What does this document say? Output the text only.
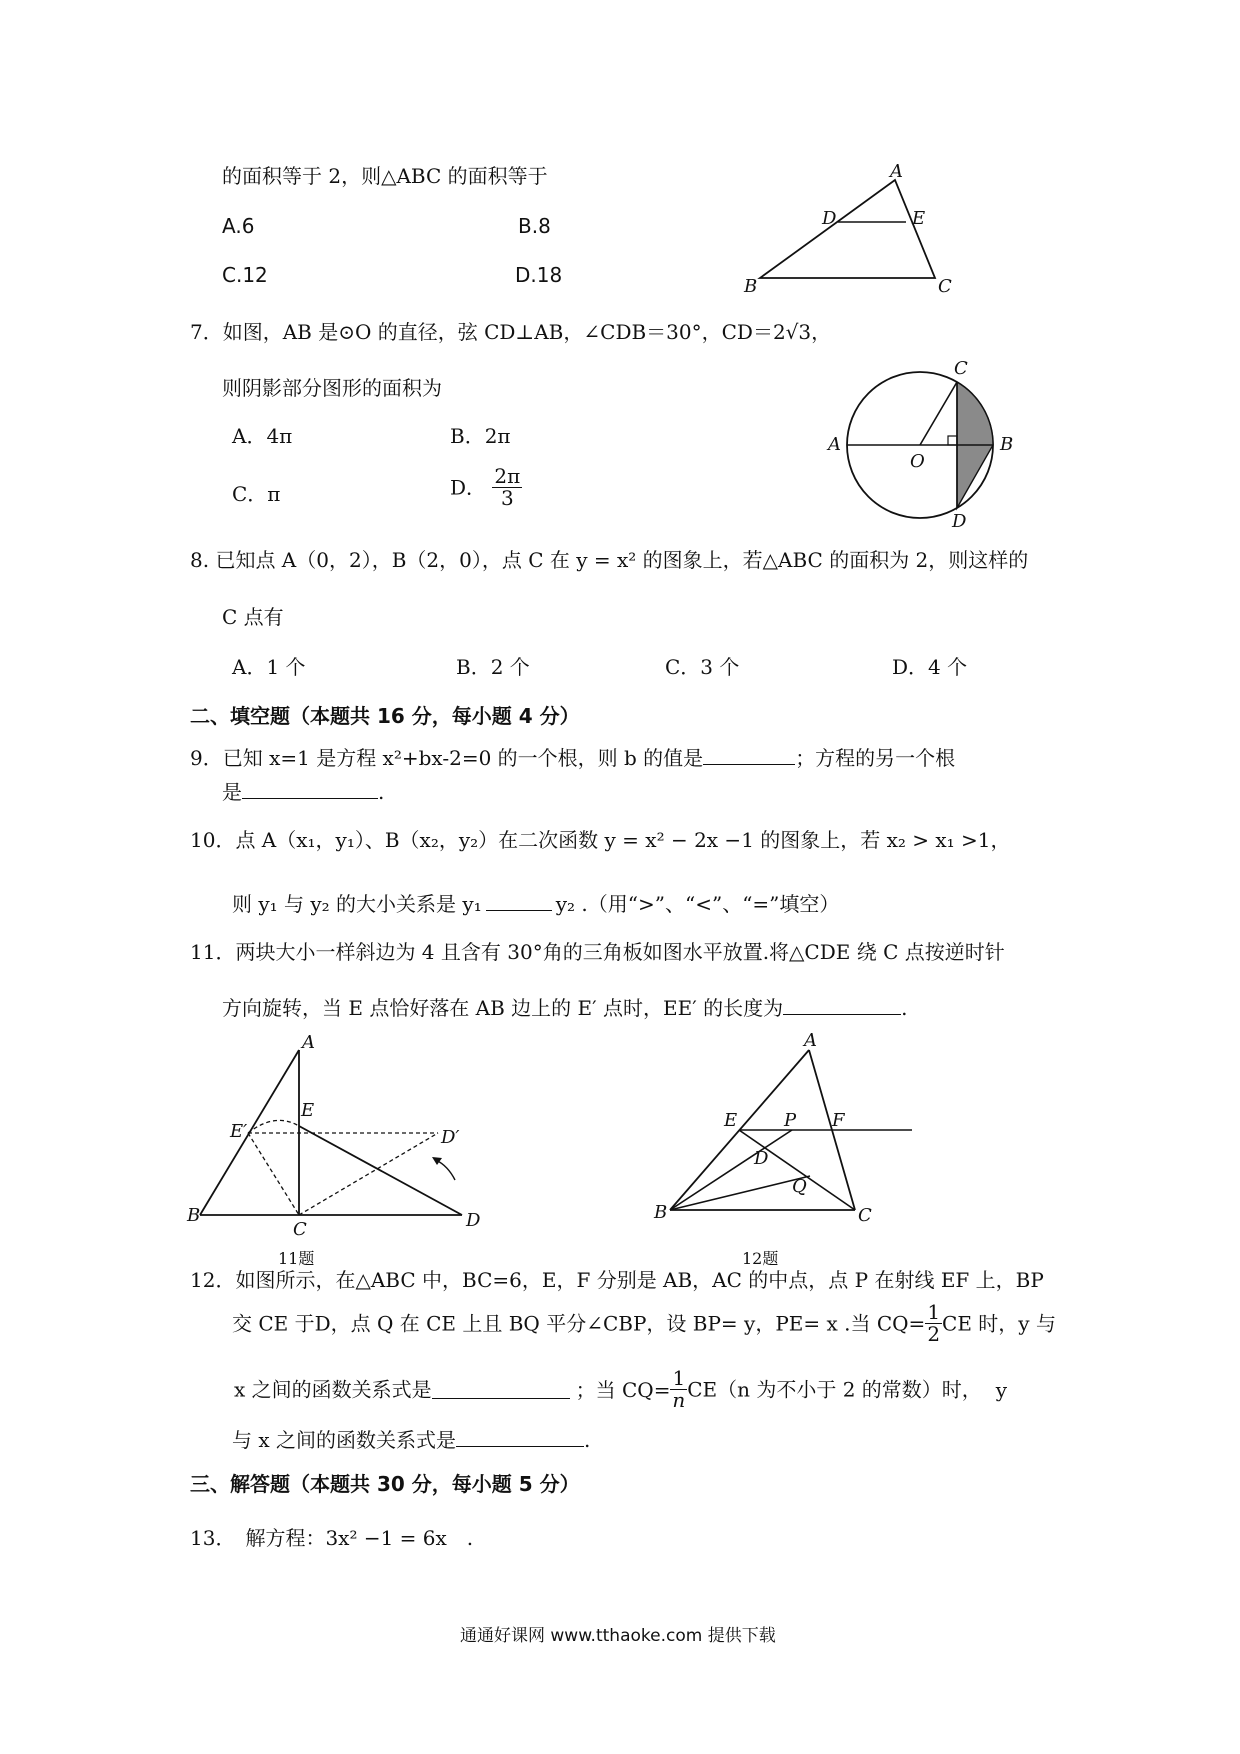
的面积等于 2，则△ABC 的面积等于
A.6	B.8
C.12	D.18
A
D	E
B	C
7．如图，AB 是⊙O 的直径，弦 CD⊥AB，∠CDB＝30°，CD＝2√3，
则阴影部分图形的面积为
A．4π	B．2π
C．π	D． $\frac{2\pi}{3}$
C
A
O
B
D
8. 已知点 A（0，2），B（2，0），点 C 在 y = x² 的图象上，若△ABC 的面积为 2，则这样的
C 点有
A．1 个	B．2 个	C．3 个	D．4 个
二、填空题（本题共 16 分，每小题 4 分）
9．已知 x=1 是方程 x²+bx-2=0 的一个根，则 b 的值是	；方程的另一个根
是	.
10．点 A（x₁，y₁）、B（x₂，y₂）在二次函数 y = x² − 2x −1 的图象上，若 x₂ > x₁ >1，
则 y₁ 与 y₂ 的大小关系是 y₁	y₂ .（用“>”、“<”、“=”填空）
11．两块大小一样斜边为 4 且含有 30°角的三角板如图水平放置.将△CDE 绕 C 点按逆时针
方向旋转，当 E 点恰好落在 AB 边上的 E′ 点时，EE′ 的长度为	.
A
E
E′	D′
B
C	D
11题
A
E	P F
D
Q
B	C
12题
12．如图所示，在△ABC 中，BC=6，E，F 分别是 AB，AC 的中点，点 P 在射线 EF 上，BP
交 CE 于D，点 Q 在 CE 上且 BQ 平分∠CBP，设 BP= y，PE= x .当 $CQ= \frac{1}{2}$ CE 时，y 与
x 之间的函数关系式是	；当 $CQ= \frac{1}{n} CE(n$ 为不小于 2 的常数）时， y
与 x 之间的函数关系式是	.
三、解答题（本题共 30 分，每小题 5 分）
13．　解方程：3x² −1 = 6x　.
通通好课网 www.tthaoke.com 提供下载
